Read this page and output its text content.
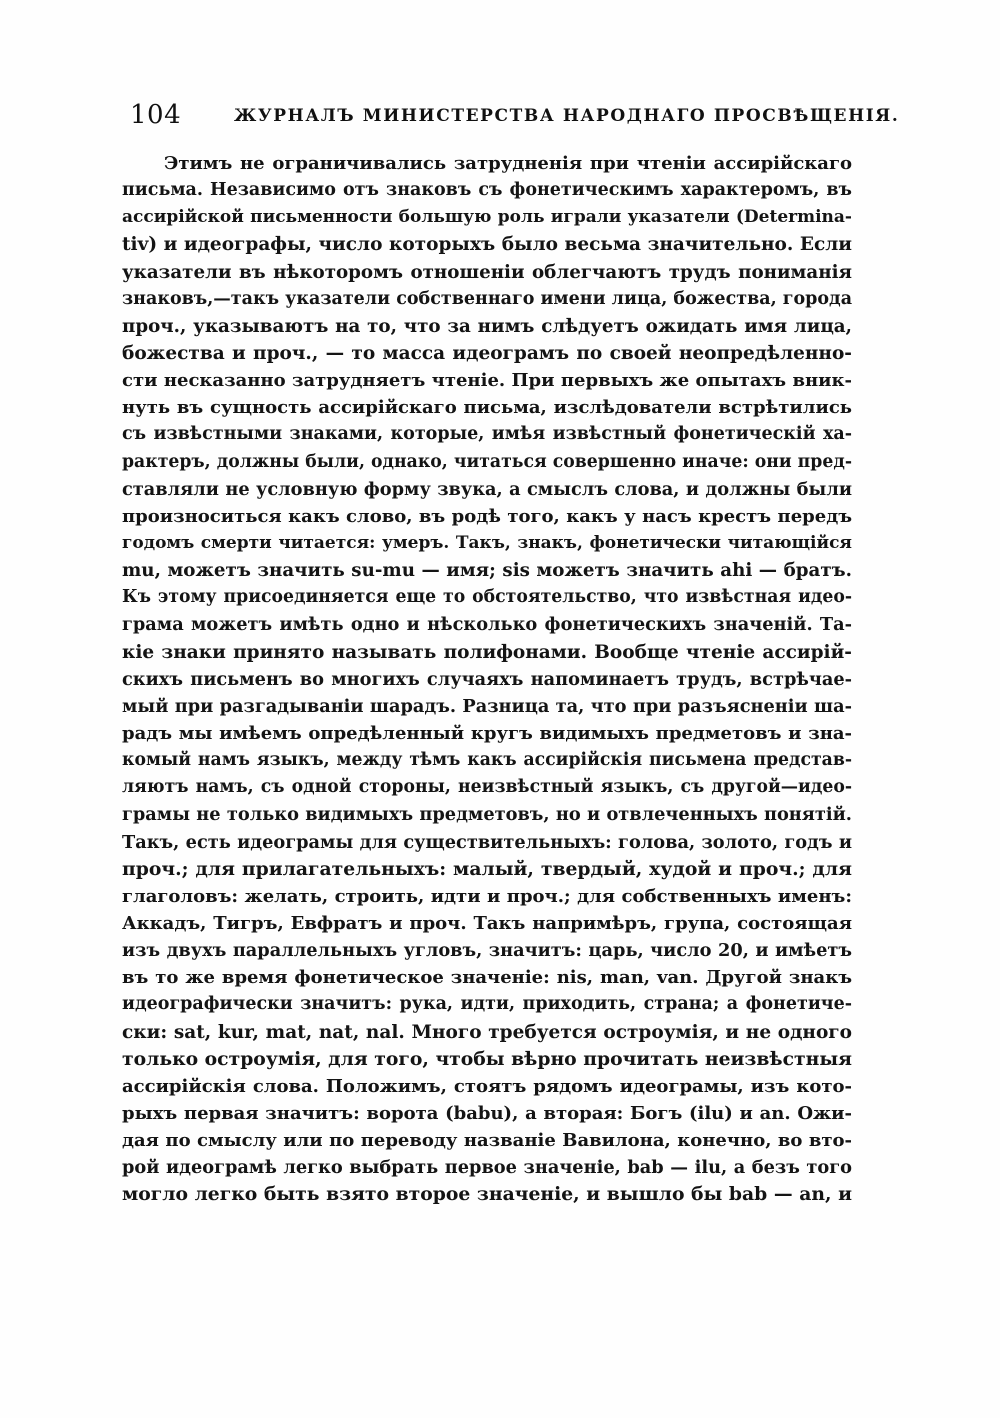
104	ЖУРНАЛЪ МИНИСТЕРСТВА НАРОДНАГО ПРОСВѢЩЕНІЯ.
Этимъ не ограничивались затрудненія при чтеніи ассирійскаго
письма. Независимо отъ знаковъ съ фонетическимъ характеромъ, въ
ассирійской письменности большую роль играли указатели (Determina-
tiv) и идеографы, число которыхъ было весьма значительно. Если
указатели въ нѣкоторомъ отношеніи облегчаютъ трудъ пониманія
знаковъ,—такъ указатели собственнаго имени лица, божества, города
проч., указываютъ на то, что за нимъ слѣдуетъ ожидать имя лица,
божества и проч., — то масса идеограмъ по своей неопредѣленно-
сти несказанно затрудняетъ чтеніе. При первыхъ же опытахъ вник-
нуть въ сущность ассирійскаго письма, изслѣдователи встрѣтились
съ извѣстными знаками, которые, имѣя извѣстный фонетическій ха-
рактеръ, должны были, однако, читаться совершенно иначе: они пред-
ставляли не условную форму звука, а смыслъ слова, и должны были
произноситься какъ слово, въ родѣ того, какъ у насъ крестъ передъ
годомъ смерти читается: умеръ. Такъ, знакъ, фонетически читающійся
mu, можетъ значить su-mu — имя; sis можетъ значить ahi — братъ.
Къ этому присоединяется еще то обстоятельство, что извѣстная идео-
грама можетъ имѣть одно и нѣсколько фонетическихъ значеній. Та-
кіе знаки принято называть полифонами. Вообще чтеніе ассирій-
скихъ письменъ во многихъ случаяхъ напоминаетъ трудъ, встрѣчае-
мый при разгадываніи шарадъ. Разница та, что при разъясненіи ша-
радъ мы имѣемъ опредѣленный кругъ видимыхъ предметовъ и зна-
комый намъ языкъ, между тѣмъ какъ ассирійскія письмена представ-
ляютъ намъ, съ одной стороны, неизвѣстный языкъ, съ другой—идео-
грамы не только видимыхъ предметовъ, но и отвлеченныхъ понятій.
Такъ, есть идеограмы для существительныхъ: голова, золото, годъ и
проч.; для прилагательныхъ: малый, твердый, худой и проч.; для
глаголовъ: желать, строить, идти и проч.; для собственныхъ именъ:
Аккадъ, Тигръ, Евфратъ и проч. Такъ напримѣръ, група, состоящая
изъ двухъ параллельныхъ угловъ, значитъ: царь, число 20, и имѣетъ
въ то же время фонетическое значеніе: nis, man, van. Другой знакъ
идеографически значитъ: рука, идти, приходить, страна; а фонетиче-
ски: sat, kur, mat, nat, nal. Много требуется остроумія, и не одного
только остроумія, для того, чтобы вѣрно прочитать неизвѣстныя
ассирійскія слова. Положимъ, стоятъ рядомъ идеограмы, изъ кото-
рыхъ первая значитъ: ворота (babu), а вторая: Богъ (ilu) и an. Ожи-
дая по смыслу или по переводу названіе Вавилона, конечно, во вто-
рой идеограмѣ легко выбрать первое значеніе, bab — ilu, а безъ того
могло легко быть взято второе значеніе, и вышло бы bab — an, и
